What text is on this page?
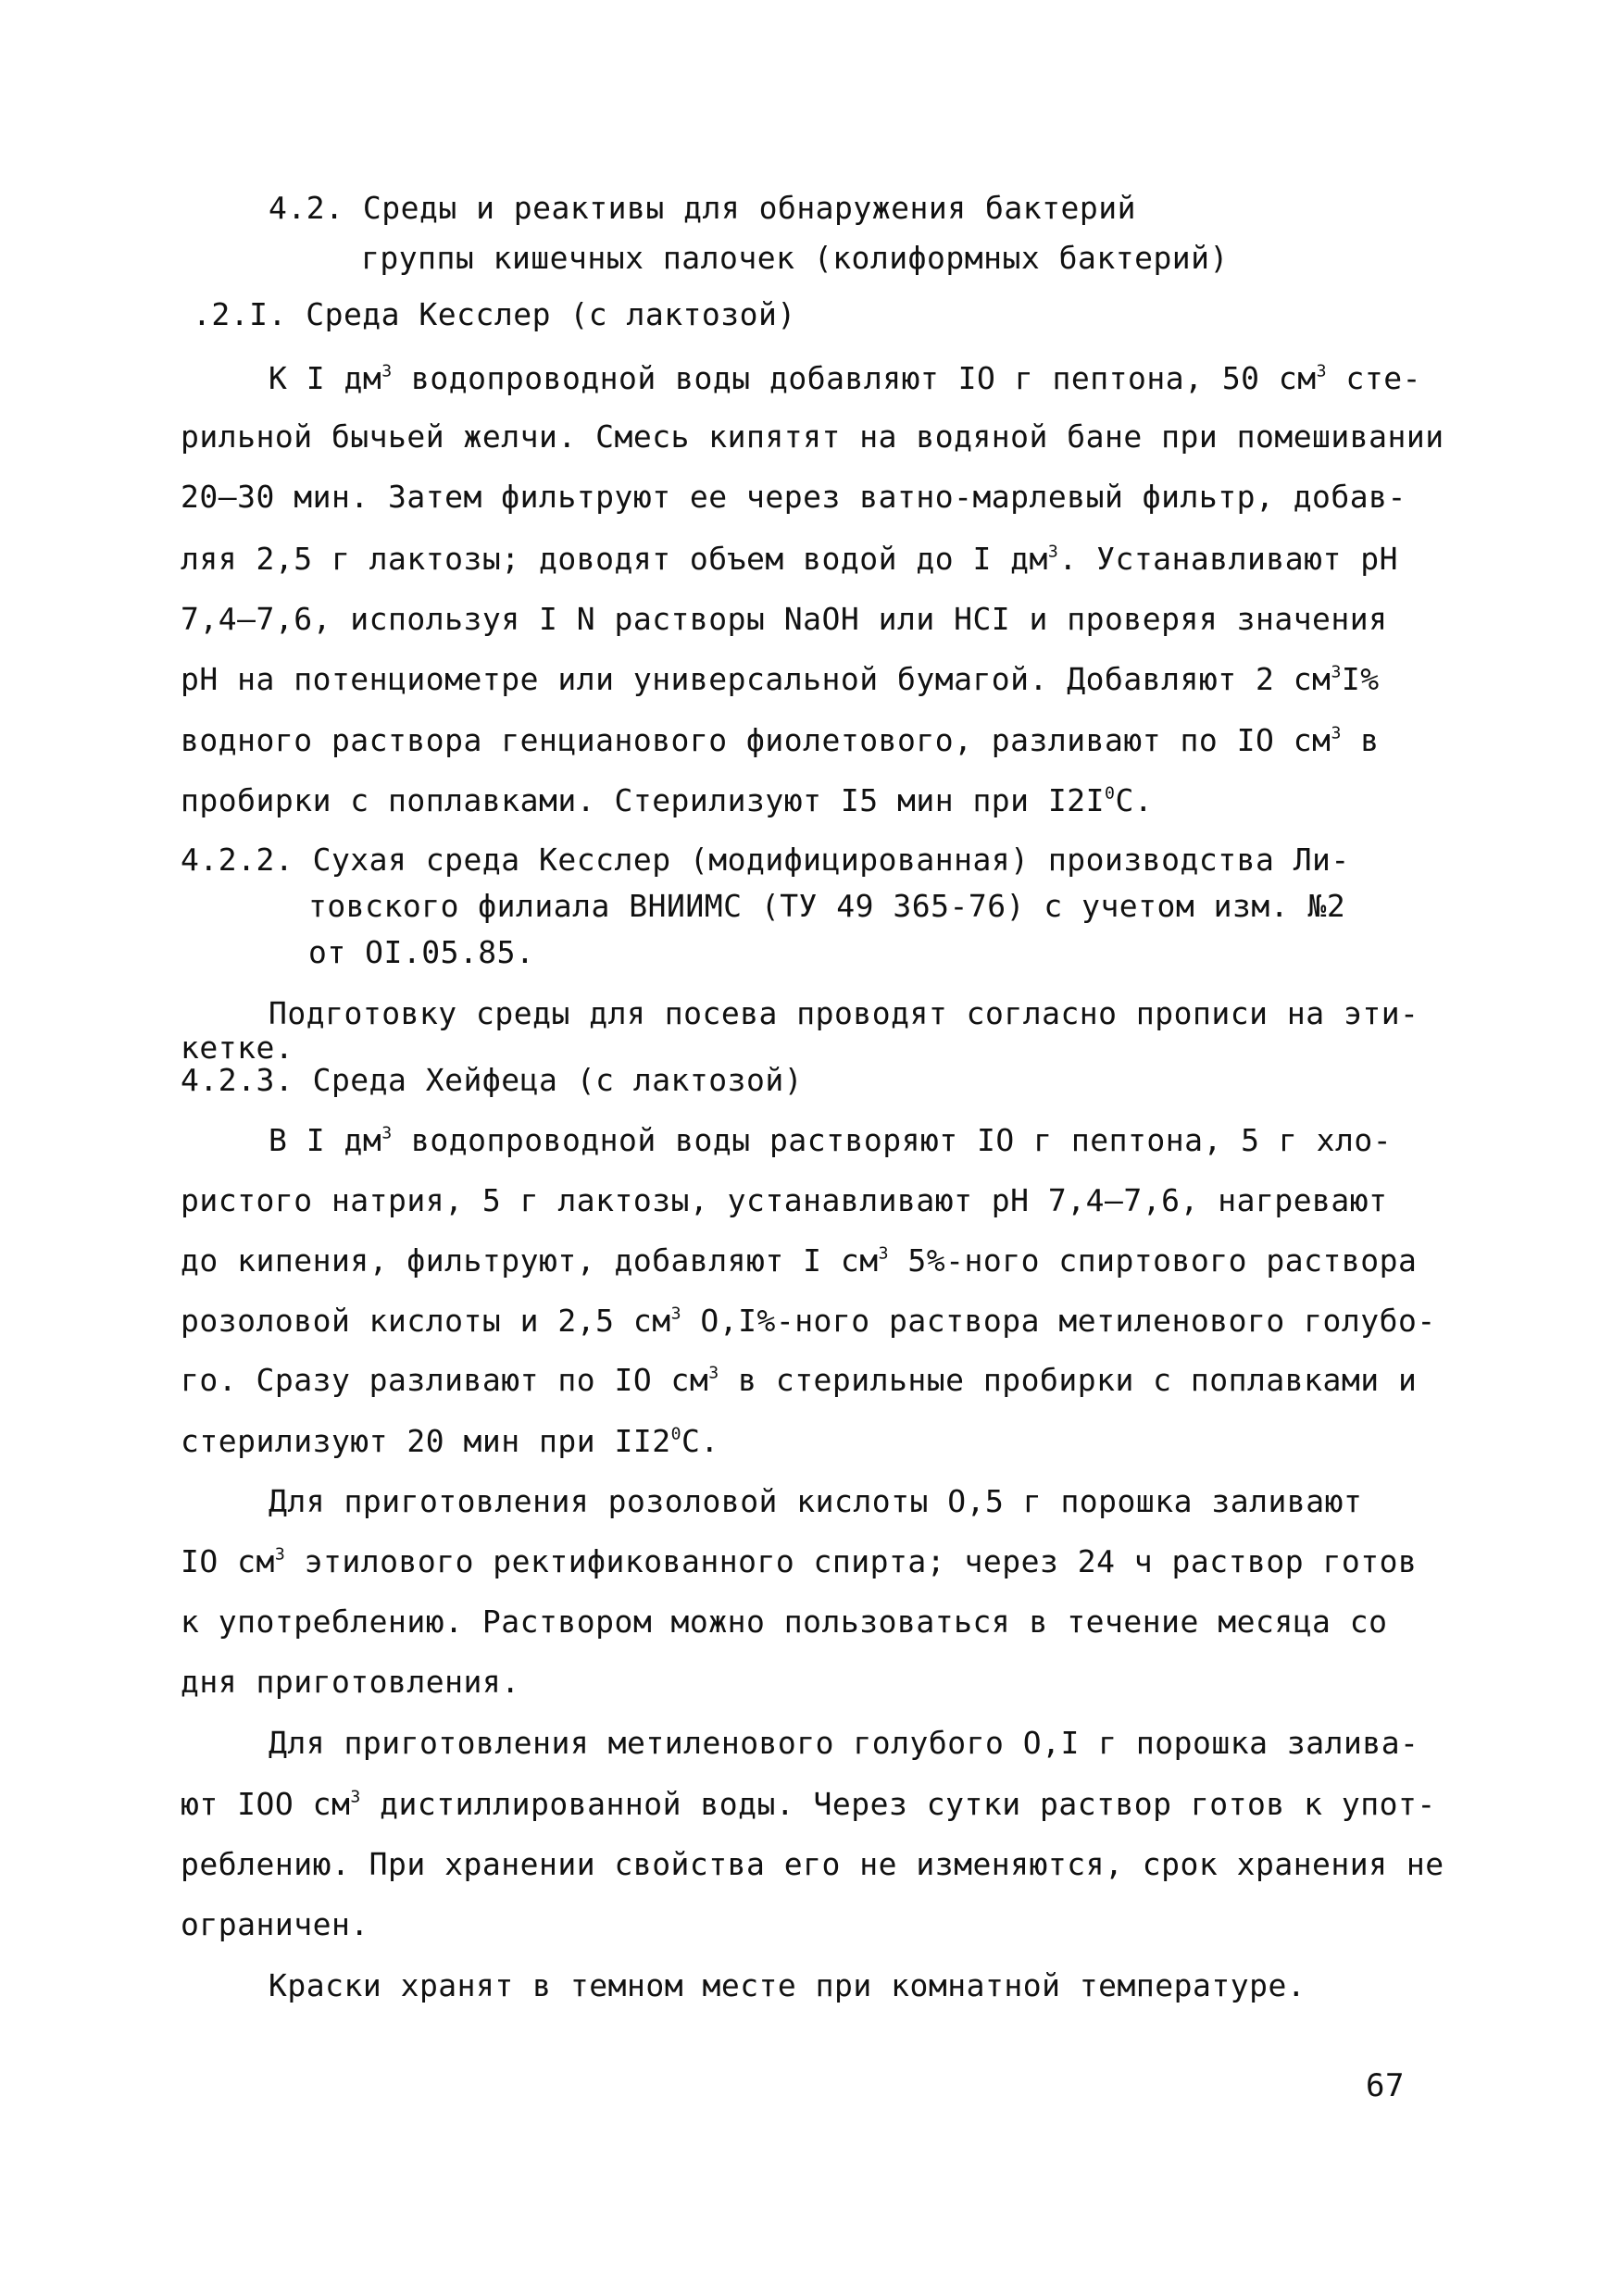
4.2. Среды и реактивы для обнаружения бактерий
группы кишечных палочек (колиформных бактерий)
.2.I. Среда Кесслер (с лактозой)
К I $дм^3$ водопроводной воды добавляют IO г пептона, 50 $см^3$ сте-
рильной бычьей желчи. Смесь кипятят на водяной бане при помешивании
20–30 мин. Затем фильтруют ее через ватно-марлевый фильтр, добав-
ляя 2,5 г лактозы; доводят объем водой до I $дм^3$. Устанавливают pH
7,4–7,6, используя I N растворы NaOH или HCI и проверяя значения
pH на потенциометре или универсальной бумагой. Добавляют 2 $см^3I\%$
водного раствора генцианового фиолетового, разливают по IO $см^3$ в
пробирки с поплавками. Стерилизуют I5 мин при $I2I^0С$.
4.2.2. Сухая среда Кесслер (модифицированная) производства Ли-
товского филиала ВНИИМС (ТУ 49 365-76) с учетом изм. №2
от OI.05.85.
Подготовку среды для посева проводят согласно прописи на эти-
кетке.
4.2.3. Среда Хейфеца (с лактозой)
В I $дм^3$ водопроводной воды растворяют IO г пептона, 5 г хло-
ристого натрия, 5 г лактозы, устанавливают pH 7,4–7,6, нагревают
до кипения, фильтруют, добавляют I $см^3$ 5%-ного спиртового раствора
розоловой кислоты и 2,5 $см^3$ O,I%-ного раствора метиленового голубо-
го. Сразу разливают по IO $см^3$ в стерильные пробирки с поплавками и
стерилизуют 20 мин при $II2^0С$.
Для приготовления розоловой кислоты O,5 г порошка заливают
IO $см^3$ этилового ректификованного спирта; через 24 ч раствор готов
к употреблению. Раствором можно пользоваться в течение месяца со
дня приготовления.
Для приготовления метиленового голубого O,I г порошка залива-
ют IOO $см^3$ дистиллированной воды. Через сутки раствор готов к упот-
реблению. При хранении свойства его не изменяются, срок хранения не
ограничен.
Краски хранят в темном месте при комнатной температуре.
67
